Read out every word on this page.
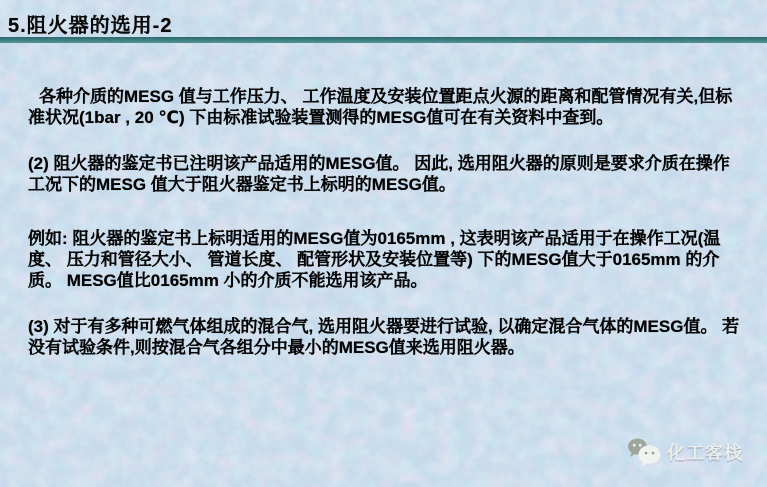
5.阻火器的选用-2

各种介质的MESG 值与工作压力、 工作温度及安装位置距点火源的距离和配管情况有关,但标准状况(1bar , 20 ℃) 下由标准试验装置测得的MESG值可在有关资料中查到。

(2) 阻火器的鉴定书已注明该产品适用的MESG值。 因此, 选用阻火器的原则是要求介质在操作工况下的MESG 值大于阻火器鉴定书上标明的MESG值。

例如: 阻火器的鉴定书上标明适用的MESG值为0165mm , 这表明该产品适用于在操作工况(温度、 压力和管径大小、 管道长度、 配管形状及安装位置等) 下的MESG值大于0165mm 的介质。 MESG值比0165mm 小的介质不能选用该产品。

(3) 对于有多种可燃气体组成的混合气, 选用阻火器要进行试验, 以确定混合气体的MESG值。 若没有试验条件,则按混合气各组分中最小的MESG值来选用阻火器。

化工客栈
